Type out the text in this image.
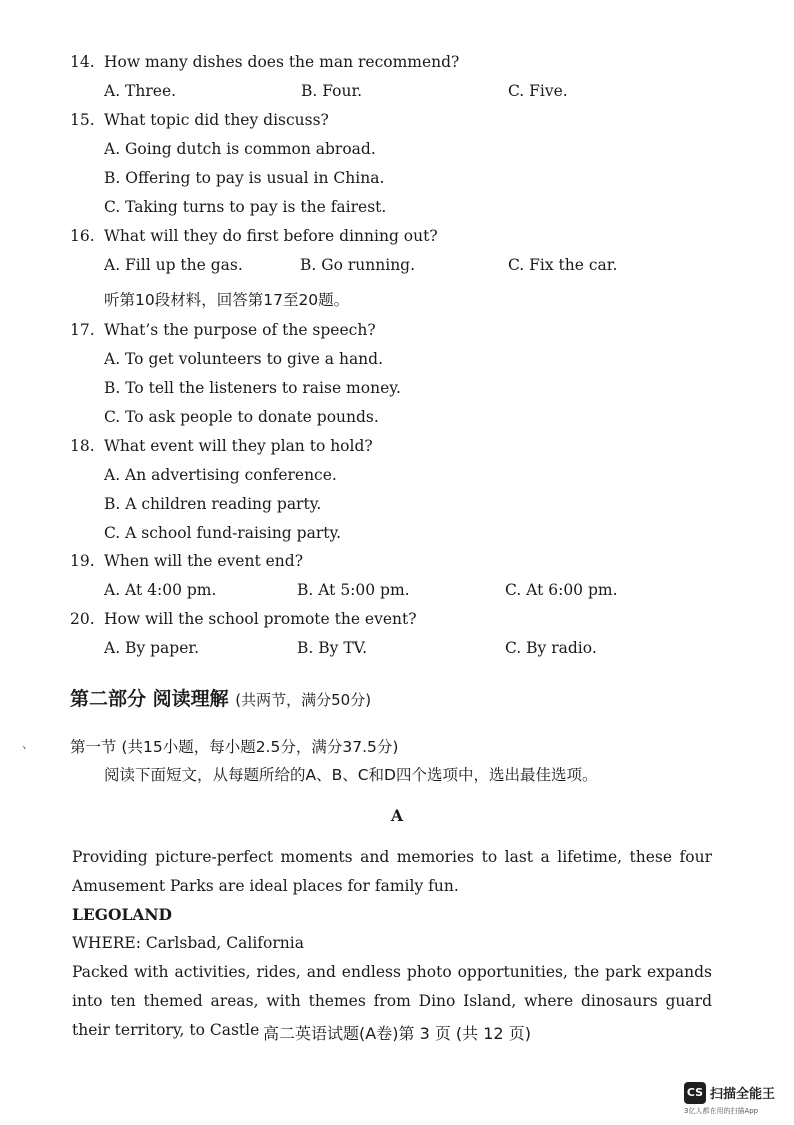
14. How many dishes does the man recommend?
A. Three.	B. Four.	C. Five.
15. What topic did they discuss?
A. Going dutch is common abroad.
B. Offering to pay is usual in China.
C. Taking turns to pay is the fairest.
16. What will they do first before dinning out?
A. Fill up the gas.	B. Go running.	C. Fix the car.
听第10段材料，回答第17至20题。
17. What’s the purpose of the speech?
A. To get volunteers to give a hand.
B. To tell the listeners to raise money.
C. To ask people to donate pounds.
18. What event will they plan to hold?
A. An advertising conference.
B. A children reading party.
C. A school fund-raising party.
19. When will the event end?
A. At 4:00 pm.	B. At 5:00 pm.	C. At 6:00 pm.
20. How will the school promote the event?
A. By paper.	B. By TV.	C. By radio.
第二部分 阅读理解 (共两节，满分50分)
、 第一节 (共15小题，每小题2.5分，满分37.5分)
阅读下面短文，从每题所给的A、B、C和D四个选项中，选出最佳选项。
A
Providing picture-perfect moments and memories to last a lifetime, these four Amusement Parks are ideal places for family fun.
LEGOLAND
WHERE: Carlsbad, California
Packed with activities, rides, and endless photo opportunities, the park expands into ten themed areas, with themes from Dino Island, where dinosaurs guard their territory, to Castle 高二英语试题(A卷)第 3 页 (共 12 页)
CS 扫描全能王
3亿人都在用的扫描App
